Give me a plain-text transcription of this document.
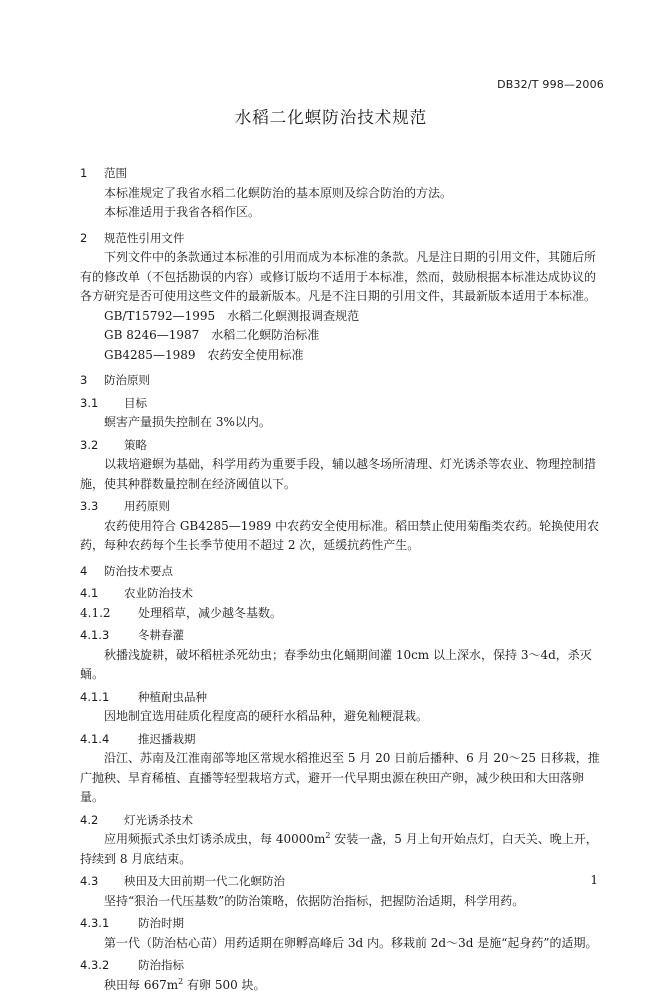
DB32/T 998—2006
水稻二化螟防治技术规范
1 范围
本标准规定了我省水稻二化螟防治的基本原则及综合防治的方法。
本标准适用于我省各稻作区。
2 规范性引用文件
下列文件中的条款通过本标准的引用而成为本标准的条款。凡是注日期的引用文件，其随后所有的修改单（不包括勘误的内容）或修订版均不适用于本标准，然而，鼓励根据本标准达成协议的各方研究是否可使用这些文件的最新版本。凡是不注日期的引用文件，其最新版本适用于本标准。
GB/T15792—1995　水稻二化螟测报调查规范
GB 8246—1987　水稻二化螟防治标准
GB4285—1989　农药安全使用标准
3 防治原则
3.1 目标
螟害产量损失控制在 3%以内。
3.2 策略
以栽培避螟为基础，科学用药为重要手段，辅以越冬场所清理、灯光诱杀等农业、物理控制措施，使其种群数量控制在经济阈值以下。
3.3 用药原则
农药使用符合 GB4285—1989 中农药安全使用标准。稻田禁止使用菊酯类农药。轮换使用农药，每种农药每个生长季节使用不超过 2 次，延缓抗药性产生。
4 防治技术要点
4.1 农业防治技术
4.1.2 处理稻草，减少越冬基数。
4.1.3 冬耕春灌
秋播浅旋耕，破坏稻桩杀死幼虫；春季幼虫化蛹期间灌 10cm 以上深水，保持 3～4d，杀灭蛹。
4.1.1 种植耐虫品种
因地制宜选用硅质化程度高的硬秆水稻品种，避免籼粳混栽。
4.1.4 推迟播栽期
沿江、苏南及江淮南部等地区常规水稻推迟至 5 月 20 日前后播种、6 月 20～25 日移栽，推广抛秧、旱育稀植、直播等轻型栽培方式，避开一代早期虫源在秧田产卵，减少秧田和大田落卵量。
4.2 灯光诱杀技术
应用频振式杀虫灯诱杀成虫，每 $40000m^2$ 安装一盏，5 月上旬开始点灯，白天关、晚上开，持续到 8 月底结束。
4.3 秧田及大田前期一代二化螟防治
坚持“狠治一代压基数”的防治策略，依据防治指标，把握防治适期，科学用药。
4.3.1 防治时期
第一代（防治枯心苗）用药适期在卵孵高峰后 3d 内。移栽前 2d～3d 是施“起身药”的适期。
4.3.2 防治指标
秧田每 $667m^2$ 有卵 500 块。
1
